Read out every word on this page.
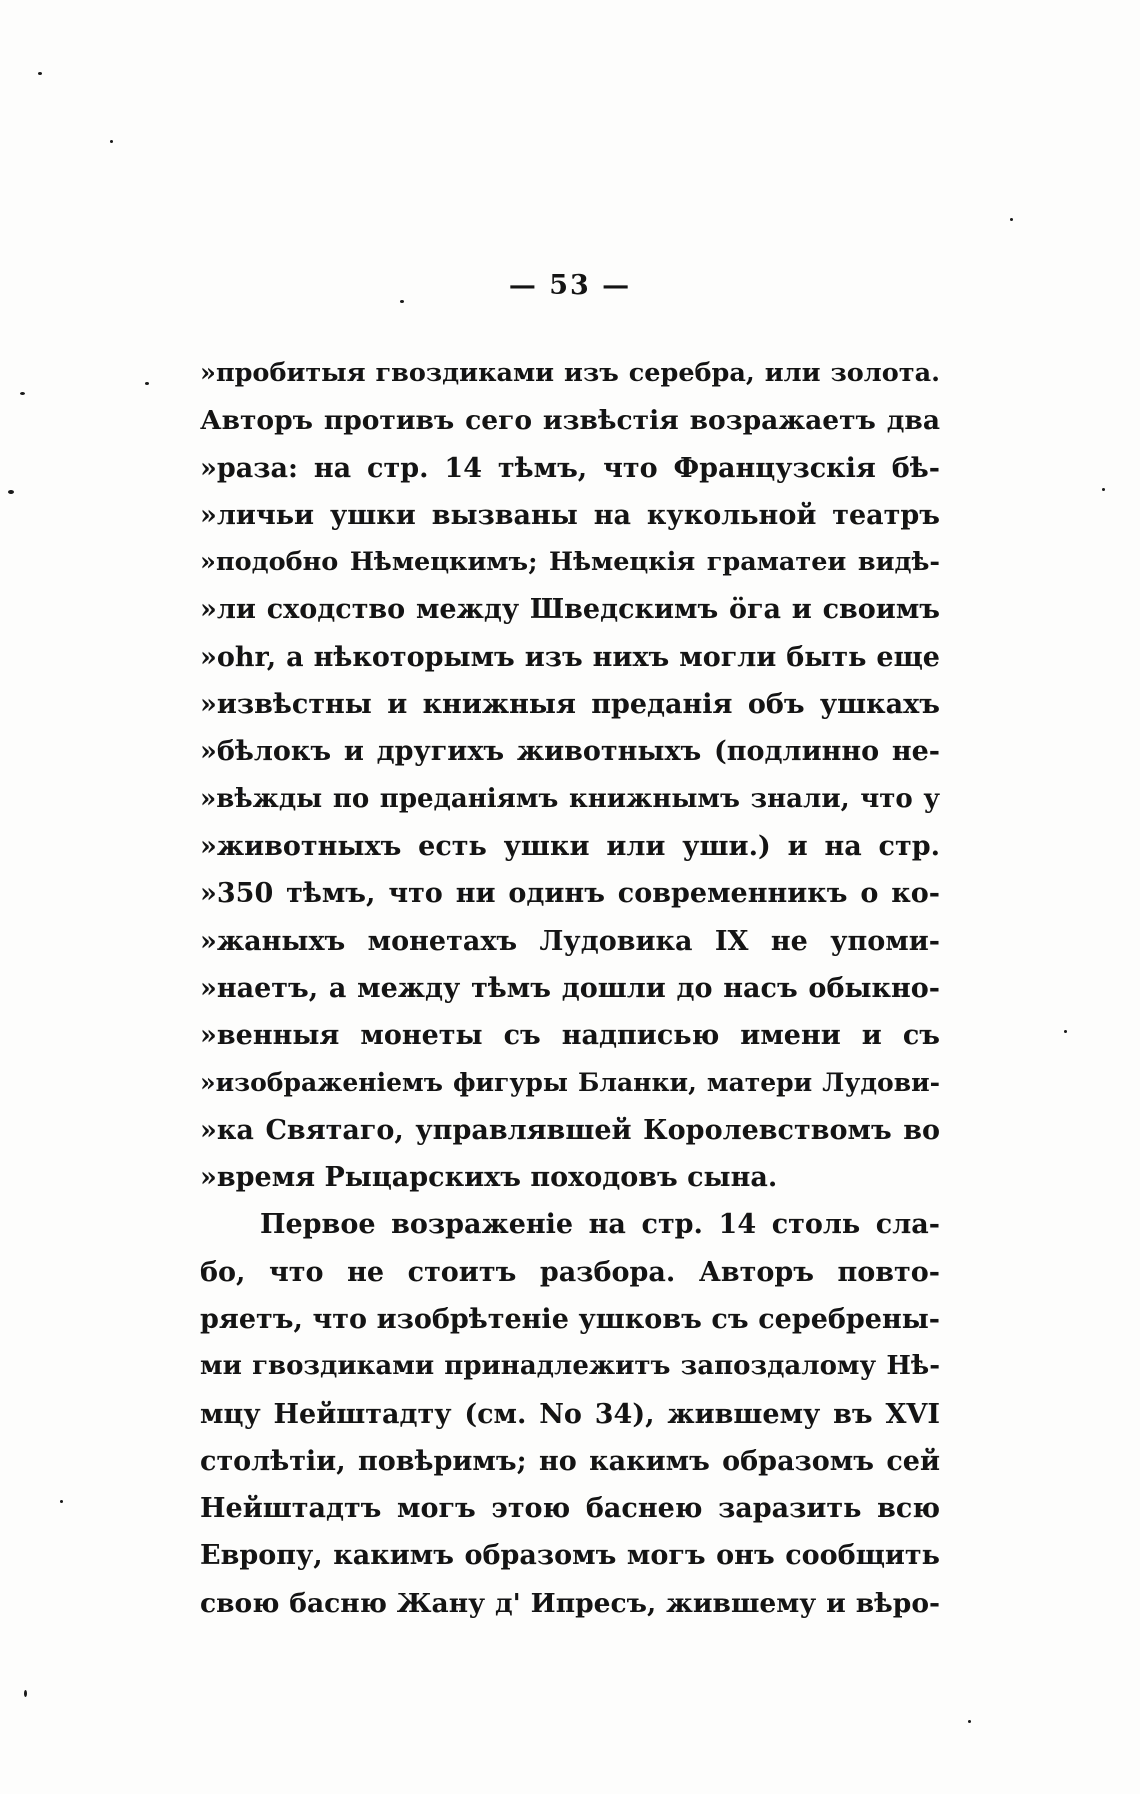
— 53 —
»пробитыя гвоздиками изъ серебра, или золота.
Авторъ противъ сего извѣстія возражаетъ два
»раза: на стр. 14 тѣмъ, что Французскія бѣ-
»личьи ушки вызваны на кукольной театръ
»подобно Нѣмецкимъ; Нѣмецкія граматеи видѣ-
»ли сходство между Шведскимъ öга и своимъ
»ohr, а нѣкоторымъ изъ нихъ могли быть еще
»извѣстны и книжныя преданія объ ушкахъ
»бѣлокъ и другихъ животныхъ (подлинно не-
»вѣжды по преданіямъ книжнымъ знали, что у
»животныхъ есть ушки или уши.) и на стр.
»350 тѣмъ, что ни одинъ современникъ о ко-
»жаныхъ монетахъ Лудовика IX не упоми-
»наетъ, а между тѣмъ дошли до насъ обыкно-
»венныя монеты съ надписью имени и съ
»изображеніемъ фигуры Бланки, матери Лудови-
»ка Святаго, управлявшей Королевствомъ во
»время Рыцарскихъ походовъ сына.
Первое возраженіе на стр. 14 столь сла-
бо, что не стоитъ разбора. Авторъ повто-
ряетъ, что изобрѣтеніе ушковъ съ серебрены-
ми гвоздиками принадлежитъ запоздалому Нѣ-
мцу Нейштадту (см. No 34), жившему въ XVI
столѣтіи, повѣримъ; но какимъ образомъ сей
Нейштадтъ могъ этою баснею заразить всю
Европу, какимъ образомъ могъ онъ сообщить
свою басню Жану д' Ипресъ, жившему и вѣро-
